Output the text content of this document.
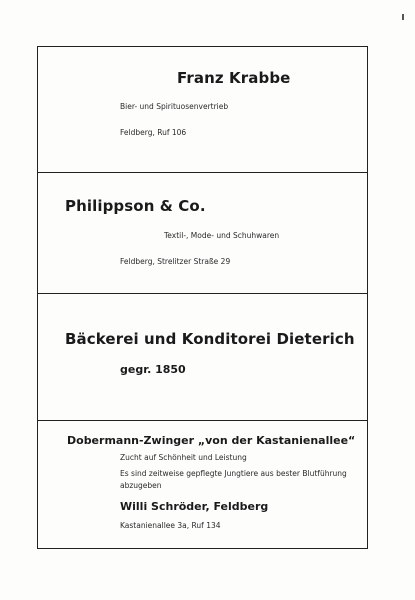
Franz Krabbe
Bier- und Spirituosenvertrieb
Feldberg, Ruf 106
Philippson & Co.
Textil-, Mode- und Schuhwaren
Feldberg, Strelitzer Straße 29
Bäckerei und Konditorei Dieterich
gegr. 1850
Dobermann-Zwinger „von der Kastanienallee“
Zucht auf Schönheit und Leistung
Es sind zeitweise gepflegte Jungtiere aus bester Blutführung
abzugeben
Willi Schröder, Feldberg
Kastanienallee 3a, Ruf 134
